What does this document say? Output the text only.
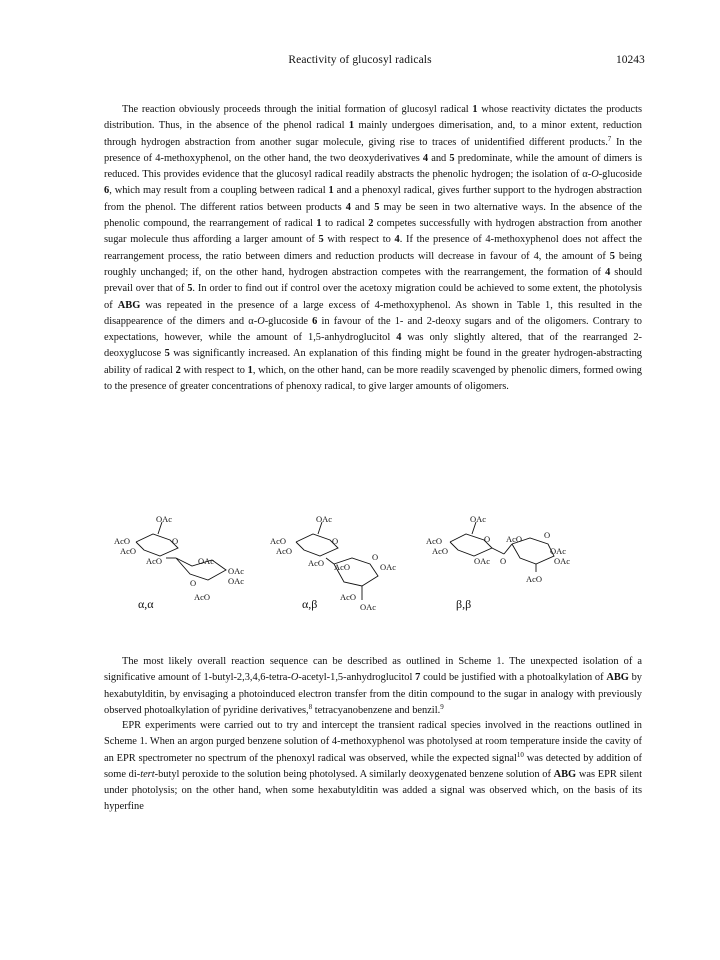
Reactivity of glucosyl radicals	10243

The reaction obviously proceeds through the initial formation of glucosyl radical 1 whose reactivity dictates the products distribution. Thus, in the absence of the phenol radical 1 mainly undergoes dimerisation, and, to a minor extent, reduction through hydrogen abstraction from another sugar molecule, giving rise to traces of unidentified different products.$^7$ In the presence of 4-methoxyphenol, on the other hand, the two deoxyderivatives 4 and 5 predominate, while the amount of dimers is reduced. This provides evidence that the glucosyl radical readily abstracts the phenolic hydrogen; the isolation of α-O-glucoside 6, which may result from a coupling between radical 1 and a phenoxyl radical, gives further support to the hydrogen abstraction from the phenol. The different ratios between products 4 and 5 may be seen in two alternative ways. In the absence of the phenolic compound, the rearrangement of radical 1 to radical 2 competes successfully with hydrogen abstraction from another sugar molecule thus affording a larger amount of 5 with respect to 4. If the presence of 4-methoxyphenol does not affect the rearrangement process, the ratio between dimers and reduction products will decrease in favour of 4, the amount of 5 being roughly unchanged; if, on the other hand, hydrogen abstraction competes with the rearrangement, the formation of 4 should prevail over that of 5. In order to find out if control over the acetoxy migration could be achieved to some extent, the photolysis of ABG was repeated in the presence of a large excess of 4-methoxyphenol. As shown in Table 1, this resulted in the disappearence of the dimers and α-O-glucoside 6 in favour of the 1- and 2-deoxy sugars and of the oligomers. Contrary to expectations, however, while the amount of 1,5-anhydroglucitol 4 was only slightly altered, that of the rearranged 2-deoxyglucose 5 was significantly increased. An explanation of this finding might be found in the greater hydrogen-abstracting ability of radical 2 with respect to 1, which, on the other hand, can be more readily scavenged by phenolic dimers, formed owing to the presence of greater concentrations of phenoxy radical, to give larger amounts of oligomers.

OAc
AcO
AcO
O
AcO	OAc
OAc
OAc
O
AcO
α,α
OAc
AcO
AcO
O
AcO AcO
O
OAc
AcO
OAc
α,β
OAc
AcO
AcO
O AcO
OAc O
O
OAc
OAc
AcO
β,β

The most likely overall reaction sequence can be described as outlined in Scheme 1. The unexpected isolation of a significative amount of 1-butyl-2,3,4,6-tetra-O-acetyl-1,5-anhydroglucitol 7 could be justified with a photoalkylation of ABG by hexabutylditin, by envisaging a photoinduced electron transfer from the ditin compound to the sugar in analogy with previously observed photoalkylation of pyridine derivatives,$^8$ tetracyanobenzene and benzil.$^9$

EPR experiments were carried out to try and intercept the transient radical species involved in the reactions outlined in Scheme 1. When an argon purged benzene solution of 4-methoxyphenol was photolysed at room temperature inside the cavity of an EPR spectrometer no spectrum of the phenoxyl radical was observed, while the expected signal$^{10}$ was detected by addition of some di-tert-butyl peroxide to the solution being photolysed. A similarly deoxygenated benzene solution of ABG was EPR silent under photolysis; on the other hand, when some hexabutylditin was added a signal was observed which, on the basis of its hyperfine
